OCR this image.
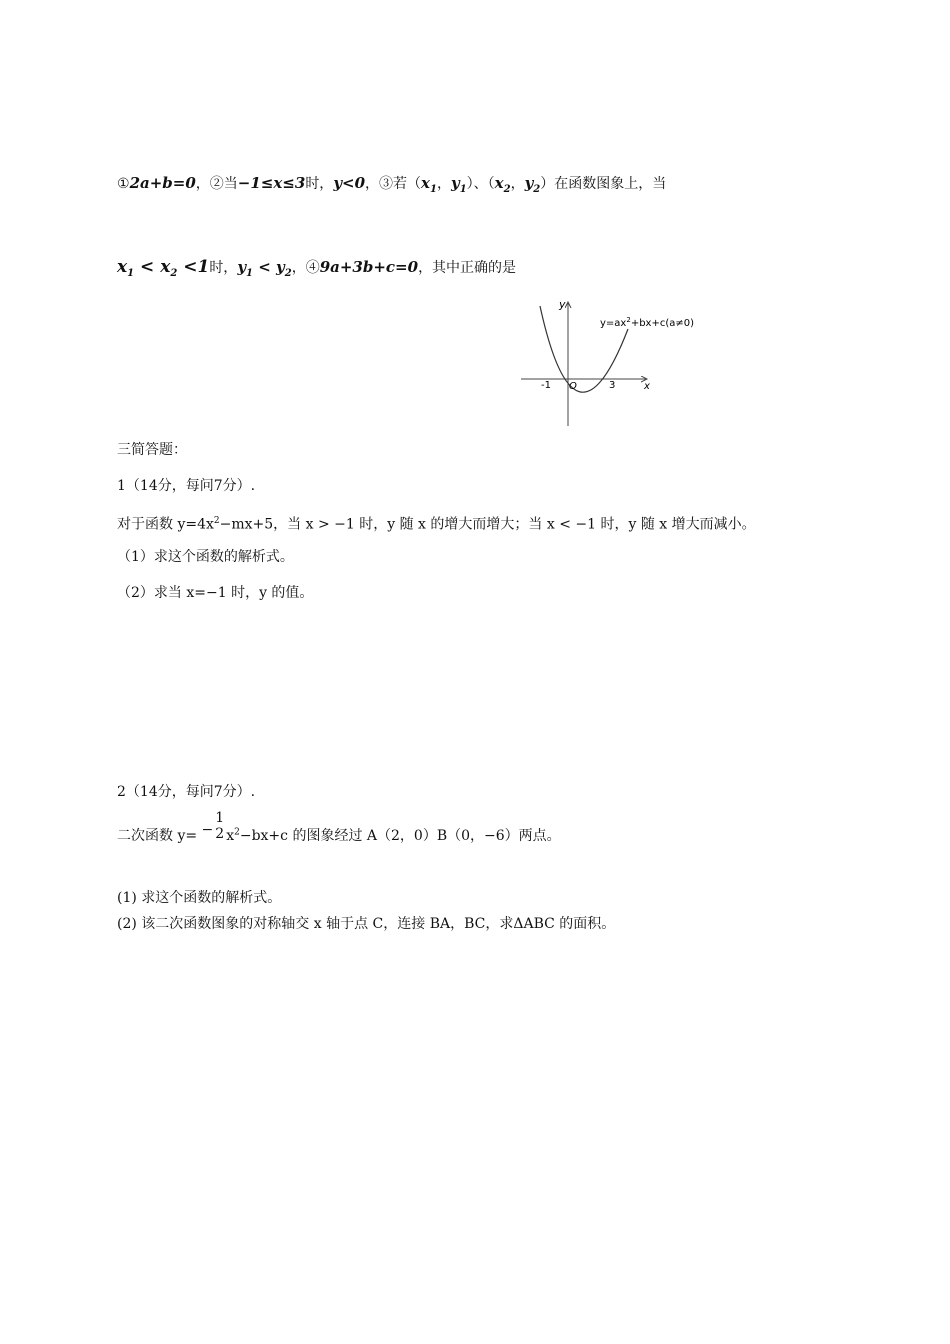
①2a+b=0，②当−1≤x≤3时，y<0，③若（$x_1$，$y_1$）、（$x_2$，$y_2$）在函数图象上，当
$x_1 < x_2 <1$时，$y_1 < y_2$，④9a+3b+c=0，其中正确的是
y
x
O
-1	3
$y=ax^2+bx+c(a\ne 0)$
三简答题：
1（14分，每问7分）.
对于函数 $y=4x^2-mx+5$，当 x > −1 时，y 随 x 的增大而增大；当 x < −1 时，y 随 x 增大而减小。
（1）求这个函数的解析式。
（2）求当 x=−1 时，y 的值。
2（14分，每问7分）.
二次函数 y= −
1
2 $x^2-bx+c$ 的图象经过 A（2，0）B（0，−6）两点。
(1) 求这个函数的解析式。
(2) 该二次函数图象的对称轴交 x 轴于点 C，连接 BA，BC，求ΔABC 的面积。
